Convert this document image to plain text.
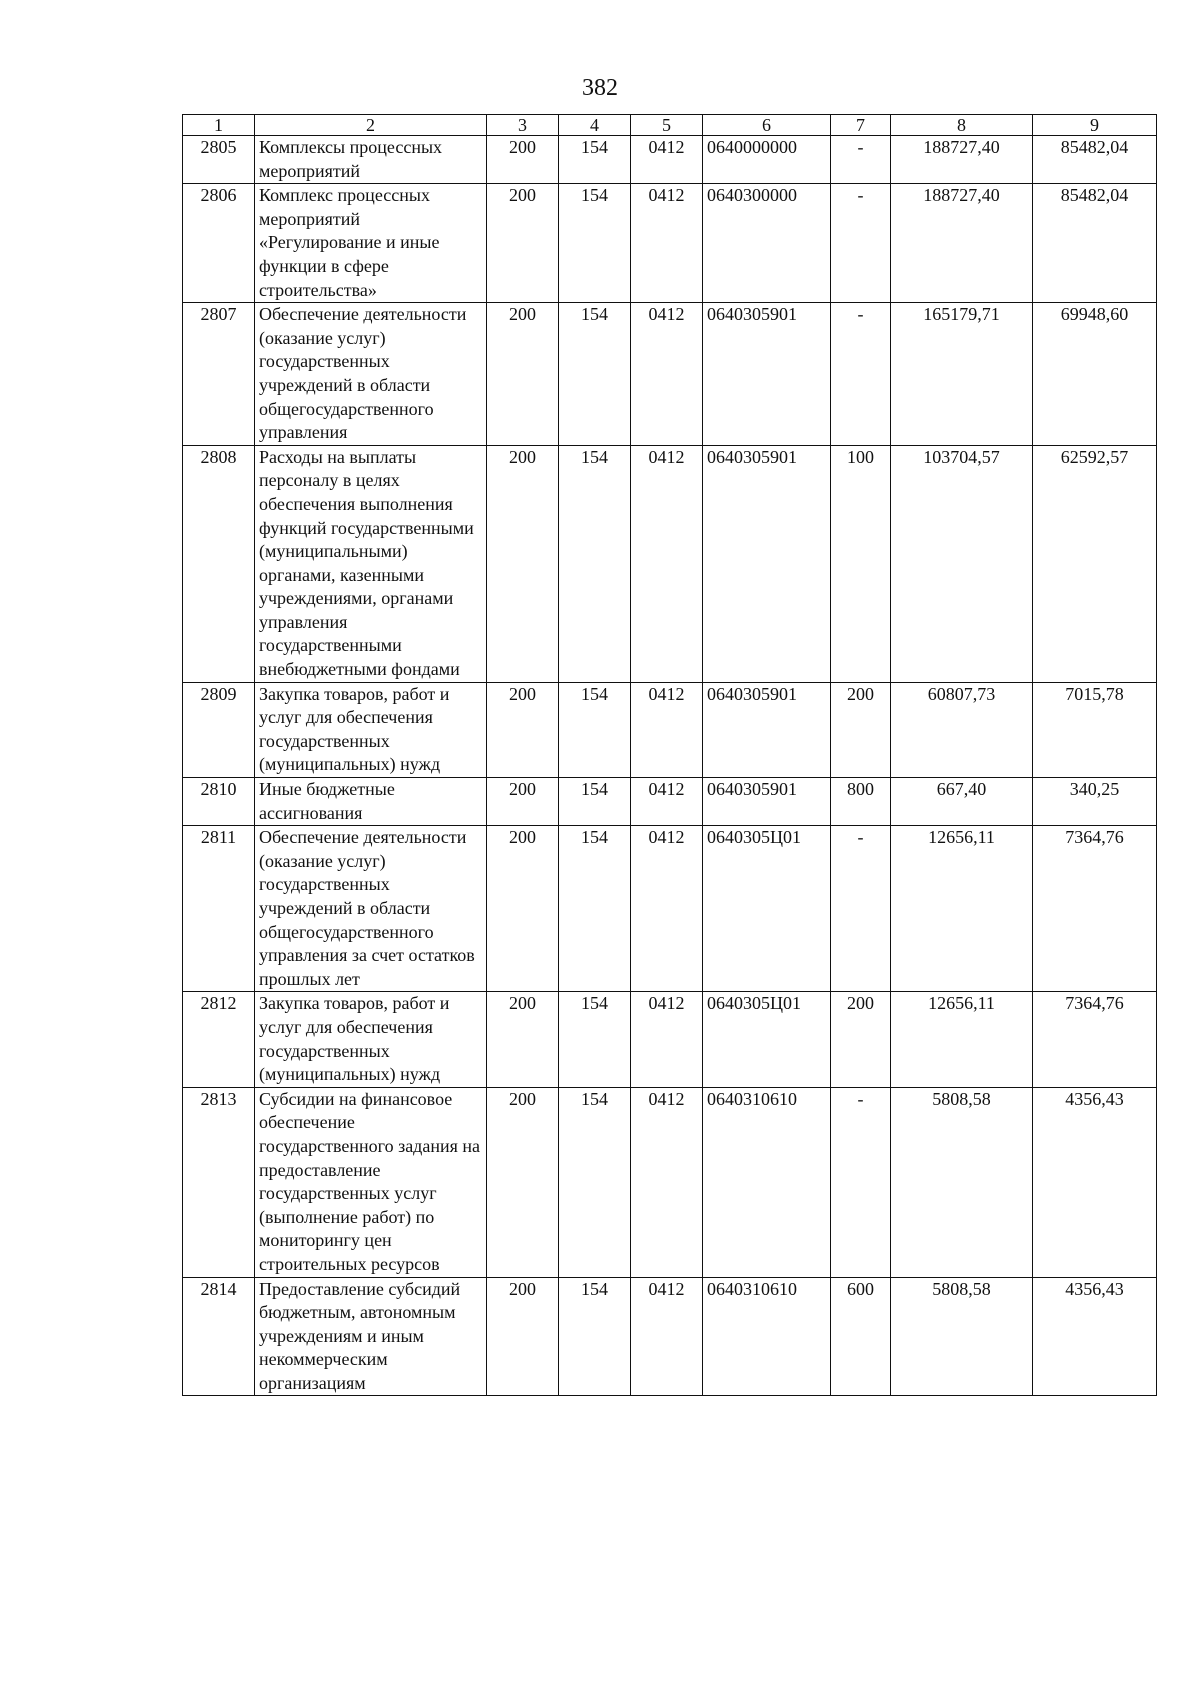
382
1	2	3	4	5	6	7	8	9
2805	Комплексы процессных мероприятий	200	154	0412	0640000000	-	188727,40	85482,04
2806	Комплекс процессных мероприятий «Регулирование и иные функции в сфере строительства»	200	154	0412	0640300000	-	188727,40	85482,04
2807	Обеспечение деятельности (оказание услуг) государственных учреждений в области общегосударственного управления	200	154	0412	0640305901	-	165179,71	69948,60
2808	Расходы на выплаты персоналу в целях обеспечения выполнения функций государственными (муниципальными) органами, казенными учреждениями, органами управления государственными внебюджетными фондами	200	154	0412	0640305901	100	103704,57	62592,57
2809	Закупка товаров, работ и услуг для обеспечения государственных (муниципальных) нужд	200	154	0412	0640305901	200	60807,73	7015,78
2810	Иные бюджетные ассигнования	200	154	0412	0640305901	800	667,40	340,25
2811	Обеспечение деятельности (оказание услуг) государственных учреждений в области общегосударственного управления за счет остатков прошлых лет	200	154	0412	0640305Ц01	-	12656,11	7364,76
2812	Закупка товаров, работ и услуг для обеспечения государственных (муниципальных) нужд	200	154	0412	0640305Ц01	200	12656,11	7364,76
2813	Субсидии на финансовое обеспечение государственного задания на предоставление государственных услуг (выполнение работ) по мониторингу цен строительных ресурсов	200	154	0412	0640310610	-	5808,58	4356,43
2814	Предоставление субсидий бюджетным, автономным учреждениям и иным некоммерческим организациям	200	154	0412	0640310610	600	5808,58	4356,43
